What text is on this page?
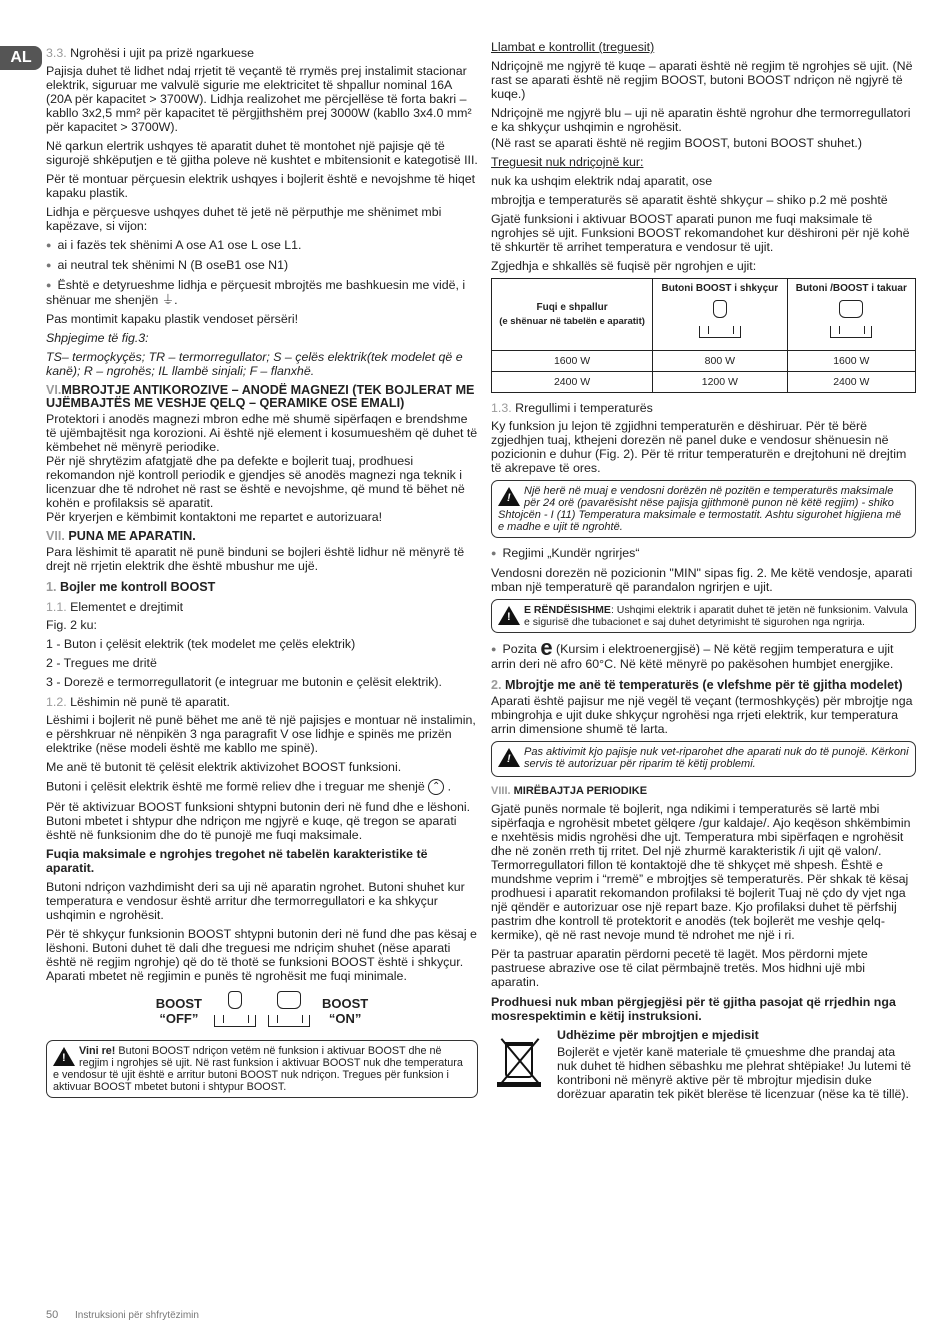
AL	3.3. Ngrohësi i ujit pa prizë ngarkuese

Pajisja duhet të lidhet ndaj rrjetit të veçantë të rrymës prej instalimit stacionar elektrik, siguruar me valvulë sigurie me elektricitet të shpallur nominal 16A (20A për kapacitet > 3700W). Lidhja realizohet me përcjellëse të forta bakri – kabllo 3x2,5 mm² për kapacitet të përgjithshëm prej 3000W (kabllo 3x4.0 mm² për kapacitet > 3700W).

Në qarkun elertrik ushqyes të aparatit duhet të montohet një pajisje që të sigurojë shkëputjen e të gjitha poleve në kushtet e mbitensionit e kategotisë III.

Për të montuar përçuesin elektrik ushqyes i bojlerit është e nevojshme të hiqet kapaku plastik.

Lidhja e përçuesve ushqyes duhet të jetë në përputhje me shënimet mbi kapëzave, si vijon:

● ai i fazës tek shënimi A ose A1 ose L ose L1.

● ai neutral tek shënimi N (B oseB1 ose N1)

● Është e detyrueshme lidhja e përçuesit mbrojtës me bashkuesin me vidë, i shënuar me shenjën ⏚.

Pas montimit kapaku plastik vendoset përsëri!

Shpjegime të fig.3:

TS– termoçkyçës; TR – termorregullator; S – çelës elektrik(tek modelet që e kanë); R – ngrohës; IL llambë sinjali; F – flanxhë.

VI.MBROJTJE ANTIKOROZIVE – ANODË MAGNEZI (TEK BOJLERAT ME UJËMBAJTËS ME VESHJE QELQ – QERAMIKE OSE EMALI)

Protektori i anodës magnezi mbron edhe më shumë sipërfaqen e brendshme të ujëmbajtësit nga korozioni. Ai është një element i kosumueshëm që duhet të këmbehet në mënyrë periodike.

Për një shrytëzim afatgjatë dhe pa defekte e bojlerit tuaj, prodhuesi rekomandon një kontroll periodik e gjendjes së anodës magnezi nga teknik i licenzuar dhe të ndrohet në rast se është e nevojshme, që mund të bëhet në kohën e profilaksis së aparatit.

Për kryerjen e këmbimit kontaktoni me repartet e autorizuara!

VII. PUNA ME APARATIN.

Para lëshimit të aparatit në punë binduni se bojleri është lidhur në mënyrë të drejt në rrjetin elektrik dhe është mbushur me ujë.

1. Bojler me kontroll BOOST

1.1. Elementet e drejtimit

Fig. 2 ku:

1 - Buton i çelësit elektrik (tek modelet me çelës elektrik)

2 - Tregues me dritë

3 - Dorezë e termorregullatorit (e integruar me butonin e çelësit elektrik).

1.2. Lëshimin në punë të aparatit.

Lëshimi i bojlerit në punë bëhet me anë të një pajisjes e montuar në instalimin, e përshkruar në nënpikën 3 nga paragrafit V ose lidhje e spinës me prizën elektrike (nëse modeli është me kabllo me spinë).

Me anë të butonit të çelësit elektrik aktivizohet BOOST funksioni.

Butoni i çelësit elektrik është me formë reliev dhe i treguar me shenjë ⌃ .

Për të aktivizuar BOOST funksioni shtypni butonin deri në fund dhe e lëshoni. Butoni mbetet i shtypur dhe ndriçon me ngjyrë e kuqe, që tregon se aparati është në funksionim dhe do të punojë me fuqi maksimale.

Fuqia maksimale e ngrohjes tregohet në tabelën karakteristike të aparatit.

Butoni ndriçon vazhdimisht deri sa uji në aparatin ngrohet. Butoni shuhet kur temperatura e vendosur është arritur dhe termorregullatori e ka shkyçur ushqimin e ngrohësit.

Për të shkyçur funksionin BOOST shtypni butonin deri në fund dhe pas kësaj e lëshoni. Butoni duhet të dali dhe treguesi me ndriçim shuhet (nëse aparati është në regjim ngrohje) që do të thotë se funksioni BOOST është i shkyçur. Aparati mbetet në regjimin e punës të ngrohësit me fuqi minimale.

BOOST
“OFF”

BOOST
“ON”
!
Vini re! Butoni BOOST ndriçon vetëm në funksion i aktivuar BOOST dhe në regjim i ngrohjes së ujit. Në rast funksion i aktivuar BOOST nuk dhe temperatura e vendosur të ujit është e arritur butoni BOOST nuk ndriçon. Tregues për funksion i aktivuar BOOST mbetet butoni i shtypur BOOST.

Llambat e kontrollit (treguesit)

Ndriçojnë me ngjyrë të kuqe – aparati është në regjim të ngrohjes së ujit. (Në rast se aparati është në regjim BOOST, butoni BOOST ndriçon në ngjyrë të kuqe.)

Ndriçojnë me ngjyrë blu – uji në aparatin është ngrohur dhe termorregullatori e ka shkyçur ushqimin e ngrohësit.

(Në rast se aparati është në regjim BOOST, butoni BOOST shuhet.)

Treguesit nuk ndriçojnë kur:

nuk ka ushqim elektrik ndaj aparatit, ose

mbrojtja e temperaturës së aparatit është shkyçur – shiko p.2 më poshtë

Gjatë funksioni i aktivuar BOOST aparati punon me fuqi maksimale të ngrohjes së ujit. Funksioni BOOST rekomandohet kur dëshironi për një kohë të shkurtër të arrihet temperatura e vendosur të ujit.

Zgjedhja e shkallës së fuqisë për ngrohjen e ujit:

Fuqi e shpallur
(e shënuar në tabelën e aparatit)	Butoni BOOST i shkyçur	Butoni /BOOST i takuar

1600 W	800 W	1600 W
2400 W	1200 W	2400 W

1.3. Rregullimi i temperaturës

Ky funksion ju lejon të zgjidhni temperaturën e dëshiruar. Për të bërë zgjedhjen tuaj, kthejeni dorezën në panel duke e vendosur shënuesin në pozicionin e duhur (Fig. 2). Për të rritur temperaturën e drejtohuni në drejtim të akrepave të ores.

!
Një herë në muaj e vendosni dorëzën në pozitën e temperaturës maksimale për 24 orë (pavarësisht nëse pajisja gjithmonë punon në këtë regjim) - shiko Shtojcën - I (11) Temperatura maksimale e termostatit. Ashtu sigurohet higjiena më e madhe e ujit të ngrohtë.

● Regjimi „Kundër ngrirjes“

Vendosni dorezën në pozicionin "MIN" sipas fig. 2. Me këtë vendosje, aparati mban një temperaturë që parandalon ngrirjen e ujit.

!
E RËNDËSISHME: Ushqimi elektrik i aparatit duhet të jetën në funksionim. Valvula e sigurisë dhe tubacionet e saj duhet detyrimisht të sigurohen nga ngrirja.

● Pozita e (Kursim i elektroenergjisë) – Në këtë regjim temperatura e ujit arrin deri në afro 60°C. Në këtë mënyrë po pakësohen humbjet energjike.

2. Mbrojtje me anë të temperaturës (e vlefshme për të gjitha modelet)

Aparati është pajisur me një vegël të veçant (termoshkyçës) për mbrojtje nga mbingrohja e ujit duke shkyçur ngrohësi nga rrjeti elektrik, kur temperatura arrin dimensione shumë të larta.

!
Pas aktivimit kjo pajisje nuk vet-riparohet dhe aparati nuk do të punojë. Kërkoni servis të autorizuar për riparim të këtij problemi.
VIII. MIRËBAJTJA PERIODIKE

Gjatë punës normale të bojlerit, nga ndikimi i temperaturës së lartë mbi sipërfaqja e ngrohësit mbetet gëlqere /gur kaldaje/. Ajo keqëson shkëmbimin e nxehtësis midis ngrohësi dhe ujt. Temperatura mbi sipërfaqen e ngrohësit dhe në zonën rreth tij rritet. Del një zhurmë karakteristik /i ujit që valon/. Termorregullatori fillon të kontaktojë dhe të shkyçet më shpesh. Është e mundshme veprim i “rremë” e mbrojtjes së temperaturës. Për shkak të kësaj prodhuesi i aparatit rekomandon profilaksi të bojlerit Tuaj në çdo dy vjet nga një qëndër e autorizuar ose një repart baze. Kjo profilaksi duhet të përfshij pastrim dhe kontroll të protektorit e anodës (tek bojlerët me veshje qelq-kermike), që në rast nevoje mund të ndrohet me një i ri.

Për ta pastruar aparatin përdorni pecetë të lagët. Mos përdorni mjete pastruese abrazive ose të cilat përmbajnë tretës. Mos hidhni ujë mbi aparatin.

Prodhuesi nuk mban përgjegjësi për të gjitha pasojat që rrjedhin nga mosrespektimin e këtij instruksioni.

Udhëzime për mbrojtjen e mjedisit

Bojlerët e vjetër kanë materiale të çmueshme dhe prandaj ata nuk duhet të hidhen sëbashku me plehrat shtëpiake! Ju lutemi të kontriboni në mënyrë aktive për të mbrojtur mjedisin duke dorëzuar aparatin tek pikët blerëse të licenzuar (nëse ka të tillë).

50 Instruksioni për shfrytëzimin
